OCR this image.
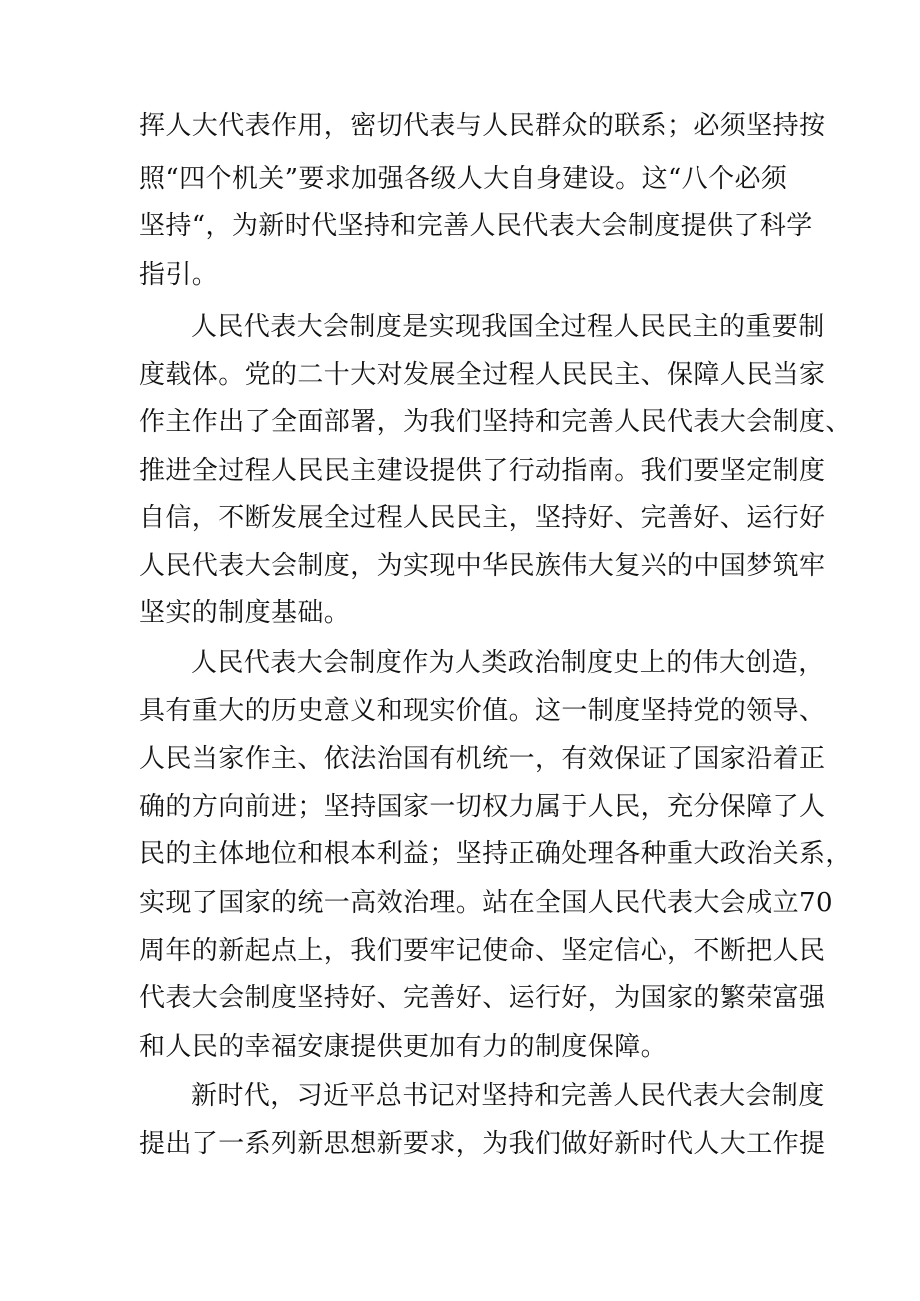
挥人大代表作用，密切代表与人民群众的联系；必须坚持按
照“四个机关”要求加强各级人大自身建设。这“八个必须
坚持“，为新时代坚持和完善人民代表大会制度提供了科学
指引。
人民代表大会制度是实现我国全过程人民民主的重要制
度载体。党的二十大对发展全过程人民民主、保障人民当家
作主作出了全面部署，为我们坚持和完善人民代表大会制度、
推进全过程人民民主建设提供了行动指南。我们要坚定制度
自信，不断发展全过程人民民主，坚持好、完善好、运行好
人民代表大会制度，为实现中华民族伟大复兴的中国梦筑牢
坚实的制度基础。
人民代表大会制度作为人类政治制度史上的伟大创造，
具有重大的历史意义和现实价值。这一制度坚持党的领导、
人民当家作主、依法治国有机统一，有效保证了国家沿着正
确的方向前进；坚持国家一切权力属于人民，充分保障了人
民的主体地位和根本利益；坚持正确处理各种重大政治关系，
实现了国家的统一高效治理。站在全国人民代表大会成立70
周年的新起点上，我们要牢记使命、坚定信心，不断把人民
代表大会制度坚持好、完善好、运行好，为国家的繁荣富强
和人民的幸福安康提供更加有力的制度保障。
新时代，习近平总书记对坚持和完善人民代表大会制度
提出了一系列新思想新要求，为我们做好新时代人大工作提
